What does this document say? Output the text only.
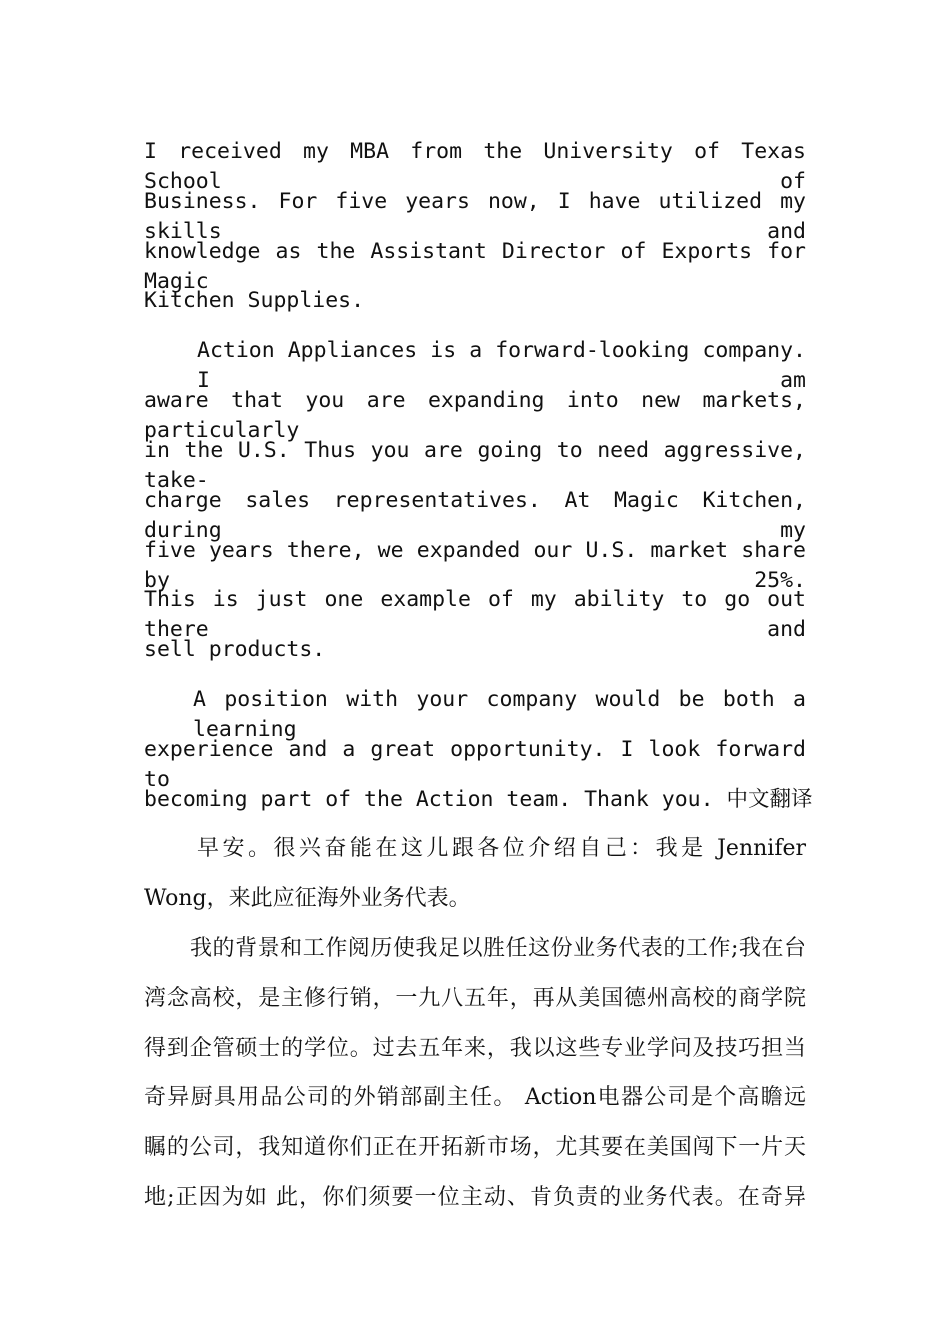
I received my MBA from the University of Texas School of
Business. For five years now, I have utilized my skills and
knowledge as the Assistant Director of Exports for Magic
Kitchen Supplies.
Action Appliances is a forward-looking company. I am
aware that you are expanding into new markets, particularly
in the U.S. Thus you are going to need aggressive, take-
charge sales representatives. At Magic Kitchen, during my
five years there, we expanded our U.S. market share by 25%.
This is just one example of my ability to go out there and
sell products.
A position with your company would be both a learning
experience and a great opportunity. I look forward to
becoming part of the Action team. Thank you. 中文翻译
早安。很兴奋能在这儿跟各位介绍自己：我是 Jennifer
Wong，来此应征海外业务代表。
我的背景和工作阅历使我足以胜任这份业务代表的工作;我在台
湾念高校，是主修行销，一九八五年，再从美国德州高校的商学院
得到企管硕士的学位。过去五年来，我以这些专业学问及技巧担当
奇异厨具用品公司的外销部副主任。 Action电器公司是个高瞻远
瞩的公司，我知道你们正在开拓新市场，尤其要在美国闯下一片天
地;正因为如 此，你们须要一位主动、肯负责的业务代表。在奇异
